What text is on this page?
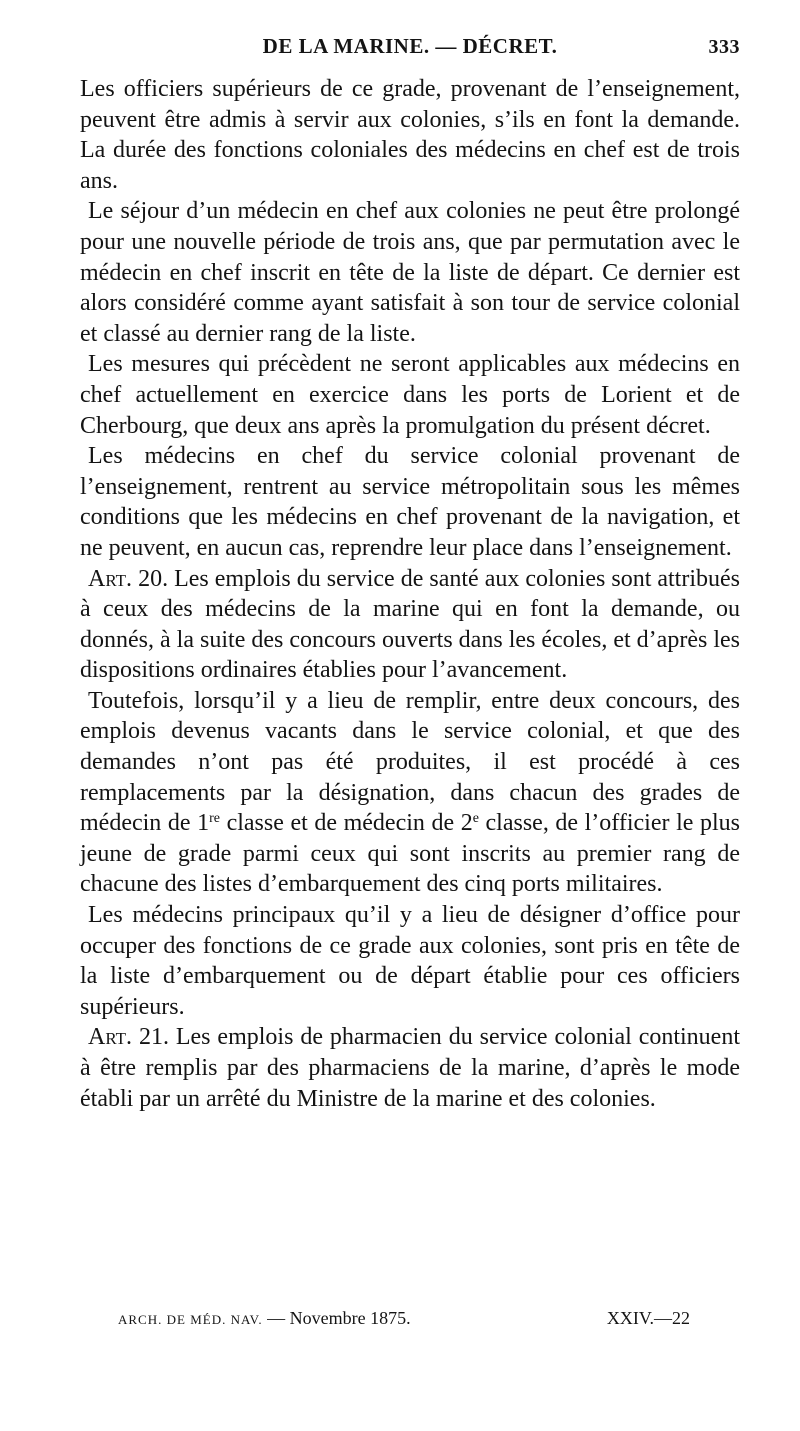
DE LA MARINE. — DÉCRET.	333

Les officiers supérieurs de ce grade, provenant de l’enseignement, peuvent être admis à servir aux colonies, s’ils en font la demande. La durée des fonctions coloniales des médecins en chef est de trois ans.

Le séjour d’un médecin en chef aux colonies ne peut être prolongé pour une nouvelle période de trois ans, que par permutation avec le médecin en chef inscrit en tête de la liste de départ. Ce dernier est alors considéré comme ayant satisfait à son tour de service colonial et classé au dernier rang de la liste.

Les mesures qui précèdent ne seront applicables aux médecins en chef actuellement en exercice dans les ports de Lorient et de Cherbourg, que deux ans après la promulgation du présent décret.

Les médecins en chef du service colonial provenant de l’enseignement, rentrent au service métropolitain sous les mêmes conditions que les médecins en chef provenant de la navigation, et ne peuvent, en aucun cas, reprendre leur place dans l’enseignement.

Art. 20. Les emplois du service de santé aux colonies sont attribués à ceux des médecins de la marine qui en font la demande, ou donnés, à la suite des concours ouverts dans les écoles, et d’après les dispositions ordinaires établies pour l’avancement.

Toutefois, lorsqu’il y a lieu de remplir, entre deux concours, des emplois devenus vacants dans le service colonial, et que des demandes n’ont pas été produites, il est procédé à ces remplacements par la désignation, dans chacun des grades de médecin de 1re classe et de médecin de 2e classe, de l’officier le plus jeune de grade parmi ceux qui sont inscrits au premier rang de chacune des listes d’embarquement des cinq ports militaires.

Les médecins principaux qu’il y a lieu de désigner d’office pour occuper des fonctions de ce grade aux colonies, sont pris en tête de la liste d’embarquement ou de départ établie pour ces officiers supérieurs.

Art. 21. Les emplois de pharmacien du service colonial continuent à être remplis par des pharmaciens de la marine, d’après le mode établi par un arrêté du Ministre de la marine et des colonies.

ARCH. DE MÉD. NAV. — Novembre 1875.	XXIV.—22
